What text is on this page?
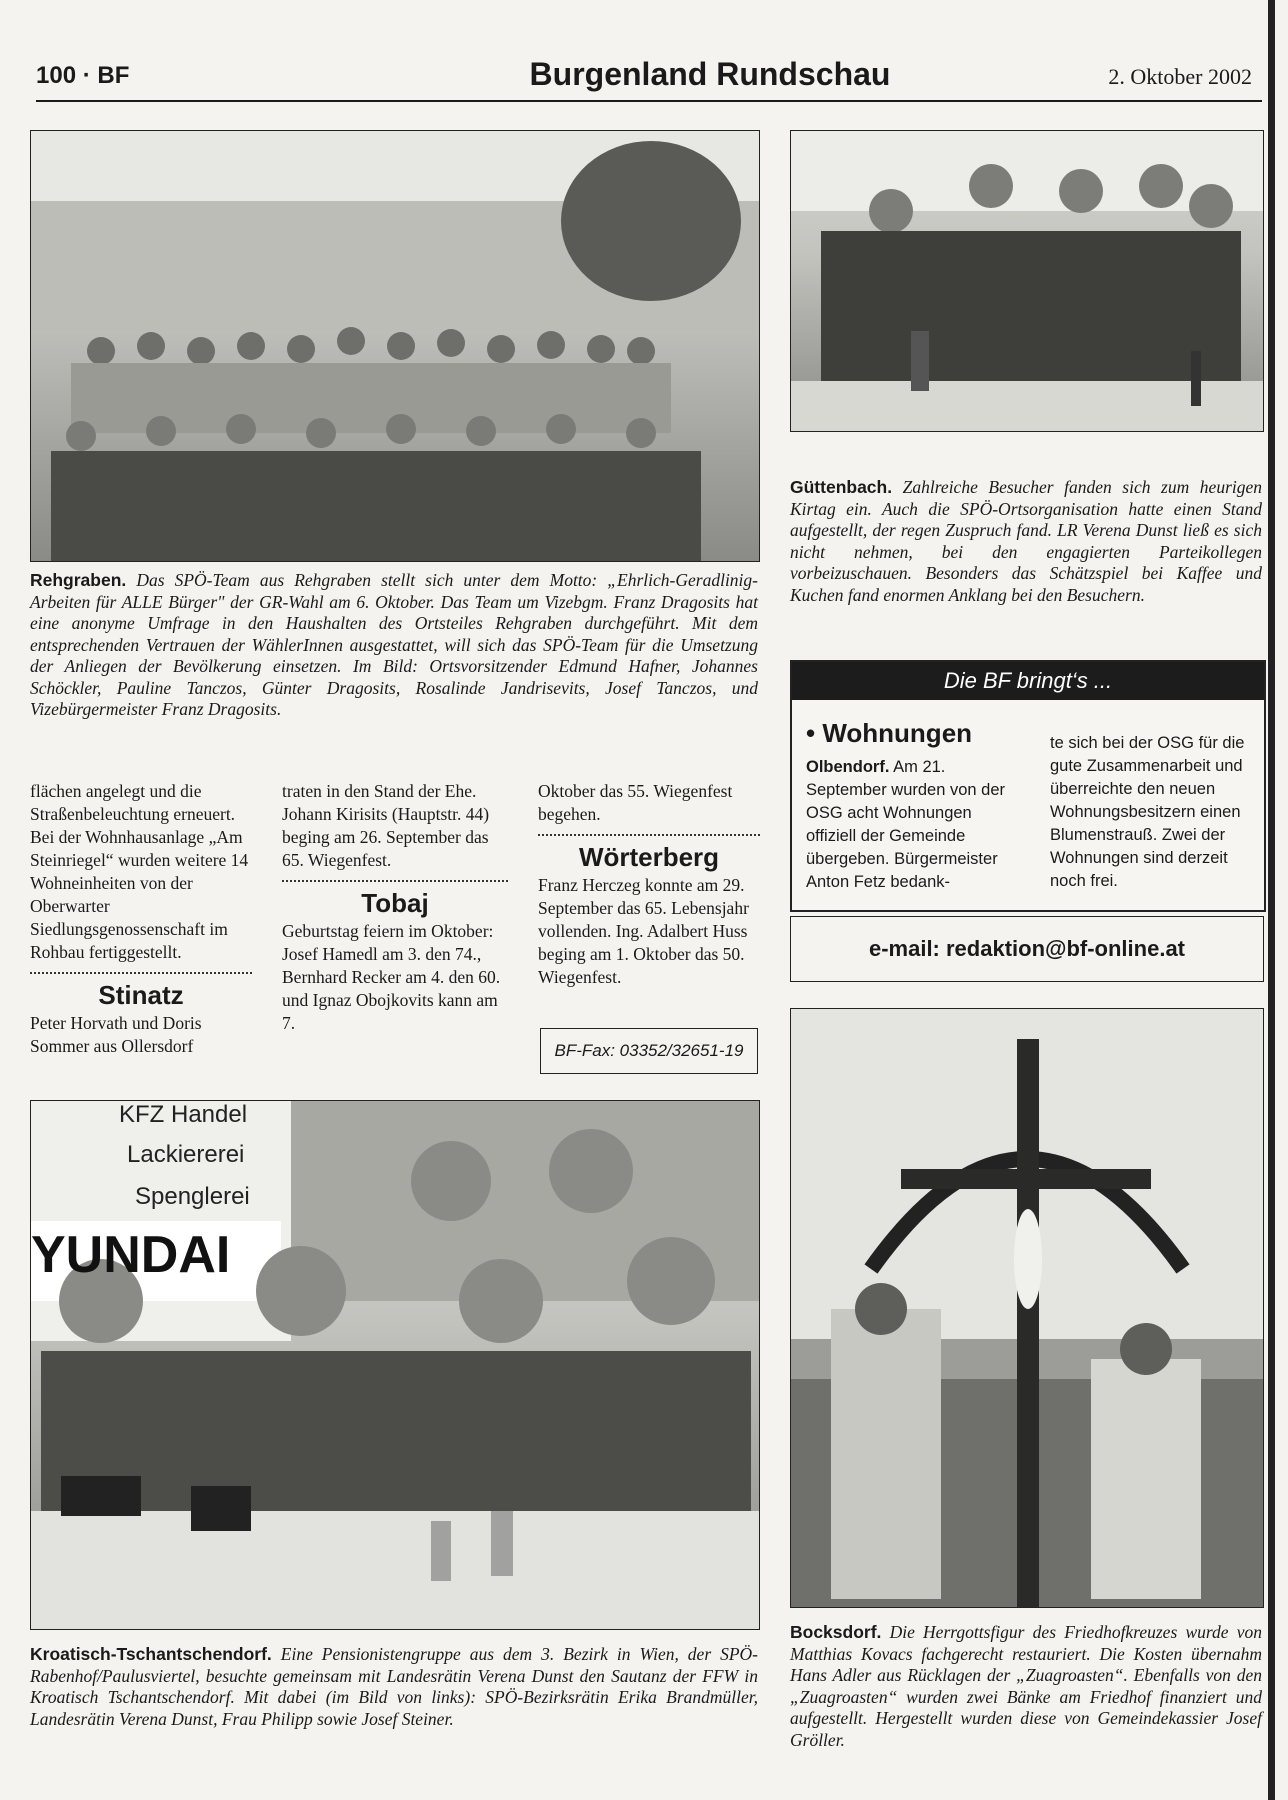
100 · BF	Burgenland Rundschau	2. Oktober 2002
Rehgraben. Das SPÖ-Team aus Rehgraben stellt sich unter dem Motto: „Ehrlich-Geradlinig-Arbeiten für ALLE Bürger" der GR-Wahl am 6. Oktober. Das Team um Vizebgm. Franz Dragosits hat eine anonyme Umfrage in den Haushalten des Ortsteiles Rehgraben durchgeführt. Mit dem entsprechenden Vertrauen der WählerInnen ausgestattet, will sich das SPÖ-Team für die Umsetzung der Anliegen der Bevölkerung einsetzen. Im Bild: Ortsvorsitzender Edmund Hafner, Johannes Schöckler, Pauline Tanczos, Günter Dragosits, Rosalinde Jandrisevits, Josef Tanczos, und Vizebürgermeister Franz Dragosits.
Güttenbach. Zahlreiche Besucher fanden sich zum heurigen Kirtag ein. Auch die SPÖ-Ortsorganisation hatte einen Stand aufgestellt, der regen Zuspruch fand. LR Verena Dunst ließ es sich nicht nehmen, bei den engagierten Parteikollegen vorbeizuschauen. Besonders das Schätzspiel bei Kaffee und Kuchen fand enormen Anklang bei den Besuchern.

flächen angelegt und die Straßenbeleuchtung erneuert.

Bei der Wohnhausanlage „Am Steinriegel“ wurden weitere 14 Wohneinheiten von der Oberwarter Siedlungsgenossenschaft im Rohbau fertiggestellt.

Stinatz

Peter Horvath und Doris Sommer aus Ollersdorf

traten in den Stand der Ehe.

Johann Kirisits (Hauptstr. 44) beging am 26. September das 65. Wiegenfest.

Tobaj

Geburtstag feiern im Oktober: Josef Hamedl am 3. den 74., Bernhard Recker am 4. den 60. und Ignaz Obojkovits kann am 7.

Oktober das 55. Wiegenfest begehen.

Wörterberg

Franz Herczeg konnte am 29. September das 65. Lebensjahr vollenden. Ing. Adalbert Huss beging am 1. Oktober das 50. Wiegenfest.

BF-Fax: 03352/32651-19
Die BF bringt‘s ...
• Wohnungen
Olbendorf. Am 21. September wurden von der OSG acht Wohnungen offiziell der Gemeinde übergeben. Bürgermeister Anton Fetz bedank-
te sich bei der OSG für die gute Zusammenarbeit und überreichte den neuen Wohnungsbesitzern einen Blumenstrauß. Zwei der Wohnungen sind derzeit noch frei.
e-mail: redaktion@bf-online.at
KFZ Handel
Lackiererei
Spenglerei
YUNDAI
Kroatisch-Tschantschendorf. Eine Pensionistengruppe aus dem 3. Bezirk in Wien, der SPÖ-Rabenhof/Paulusviertel, besuchte gemeinsam mit Landesrätin Verena Dunst den Sautanz der FFW in Kroatisch Tschantschendorf. Mit dabei (im Bild von links): SPÖ-Bezirksrätin Erika Brandmüller, Landesrätin Verena Dunst, Frau Philipp sowie Josef Steiner.
Bocksdorf. Die Herrgottsfigur des Friedhofkreuzes wurde von Matthias Kovacs fachgerecht restauriert. Die Kosten übernahm Hans Adler aus Rücklagen der „Zuagroasten“. Ebenfalls von den „Zuagroasten“ wurden zwei Bänke am Friedhof finanziert und aufgestellt. Hergestellt wurden diese von Gemeindekassier Josef Gröller.
